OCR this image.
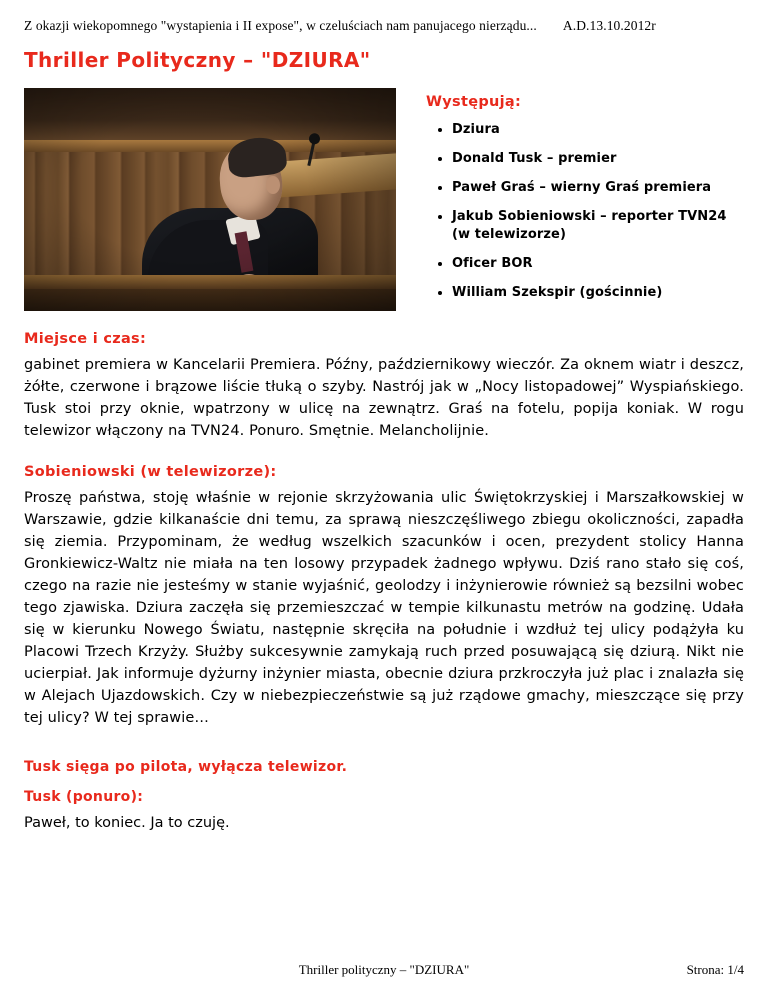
Z okazji wiekopomnego "wystapienia i II expose", w czeluściach nam panujacego nierządu... A.D.13.10.2012r
Thriller Polityczny – "DZIURA"
Występują:
• Dziura
• Donald Tusk – premier
• Paweł Graś – wierny Graś premiera
• Jakub Sobieniowski – reporter TVN24
(w telewizorze)
• Oficer BOR
• William Szekspir (gościnnie)
Miejsce i czas:
gabinet premiera w Kancelarii Premiera. Późny, październikowy wieczór. Za oknem wiatr i deszcz, żółte, czerwone i brązowe liście tłuką o szyby. Nastrój jak w „Nocy listopadowej” Wyspiańskiego. Tusk stoi przy oknie, wpatrzony w ulicę na zewnątrz. Graś na fotelu, popija koniak. W rogu telewizor włączony na TVN24. Ponuro. Smętnie. Melancholijnie.
Sobieniowski (w telewizorze):
Proszę państwa, stoję właśnie w rejonie skrzyżowania ulic Świętokrzyskiej i Marszałkowskiej w Warszawie, gdzie kilkanaście dni temu, za sprawą nieszczęśliwego zbiegu okoliczności, zapadła się ziemia. Przypominam, że według wszelkich szacunków i ocen, prezydent stolicy Hanna Gronkiewicz-Waltz nie miała na ten losowy przypadek żadnego wpływu. Dziś rano stało się coś, czego na razie nie jesteśmy w stanie wyjaśnić, geolodzy i inżynierowie również są bezsilni wobec tego zjawiska. Dziura zaczęła się przemieszczać w tempie kilkunastu metrów na godzinę. Udała się w kierunku Nowego Światu, następnie skręciła na południe i wzdłuż tej ulicy podążyła ku Placowi Trzech Krzyży. Służby sukcesywnie zamykają ruch przed posuwającą się dziurą. Nikt nie ucierpiał. Jak informuje dyżurny inżynier miasta, obecnie dziura przkroczyła już plac i znalazła się w Alejach Ujazdowskich. Czy w niebezpieczeństwie są już rządowe gmachy, mieszczące się przy tej ulicy? W tej sprawie…
Tusk sięga po pilota, wyłącza telewizor.
Tusk (ponuro):
Paweł, to koniec. Ja to czuję.
Thriller polityczny – "DZIURA"	Strona: 1/4
